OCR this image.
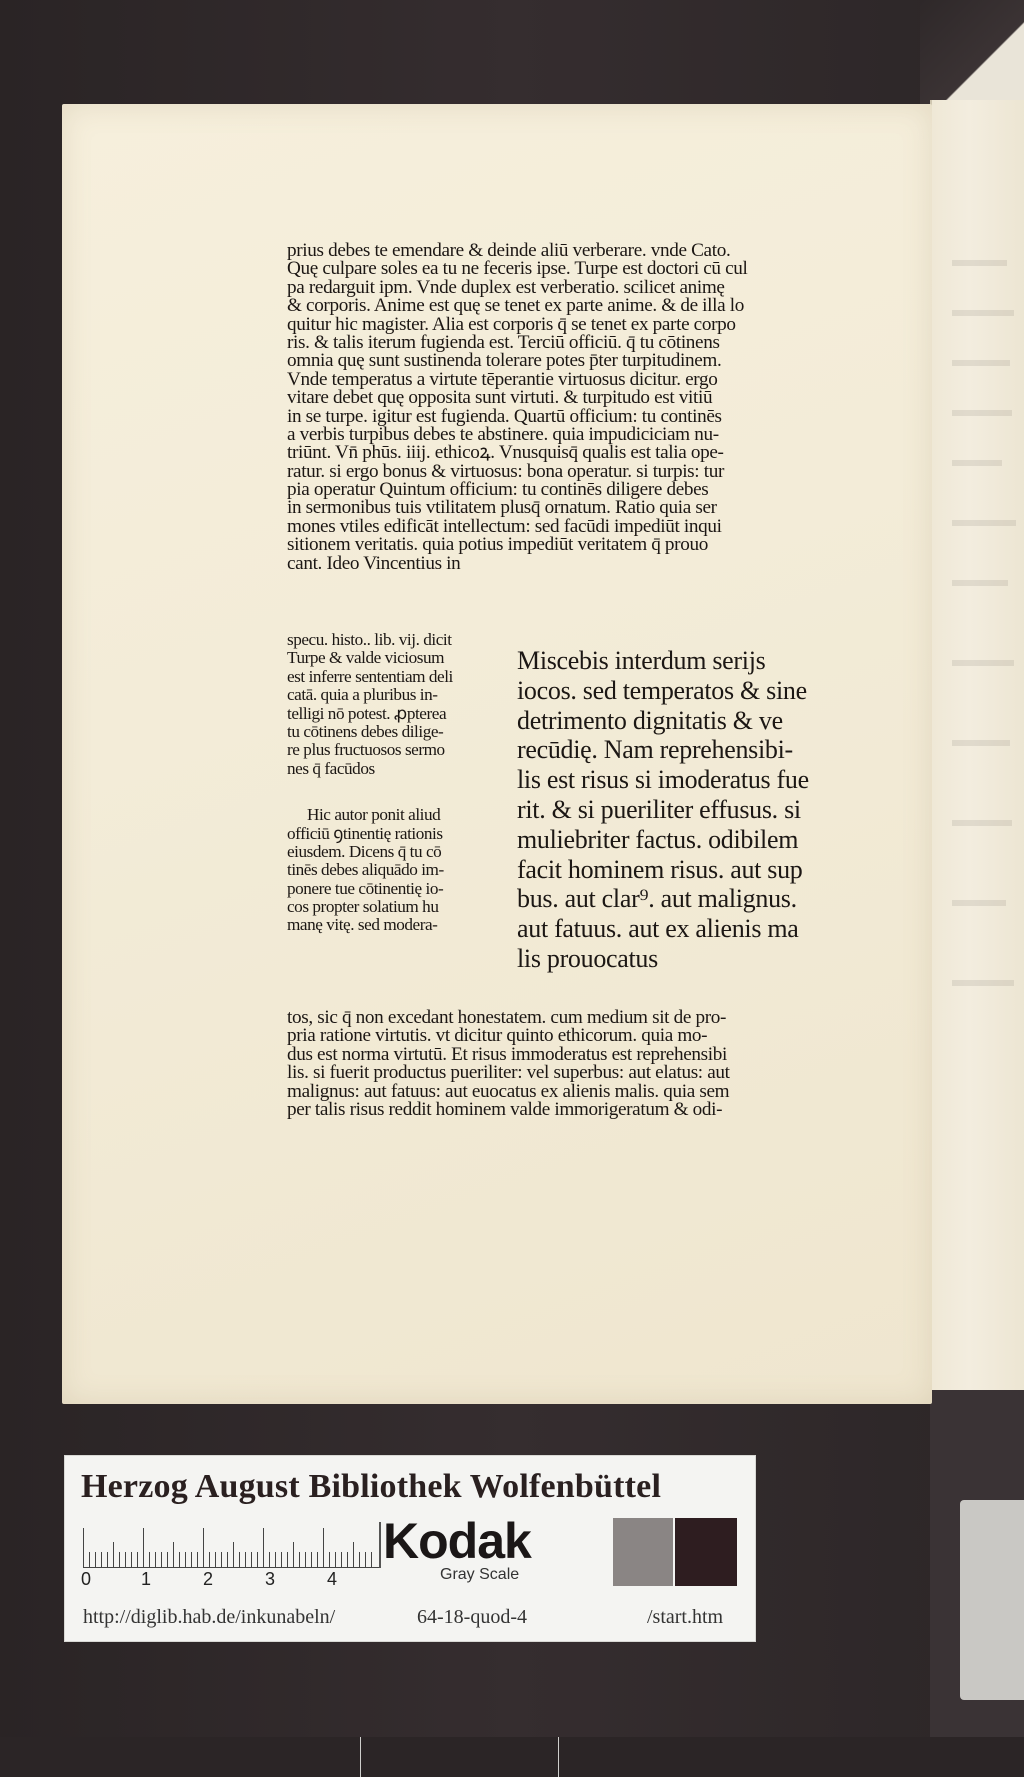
prius debes te emendare & deinde aliū verberare. vnde Cato.
Quę culpare soles ea tu ne feceris ipse. Turpe est doctori cū cul
pa redarguit ipm. Vnde duplex est verberatio. scilicet animę
& corporis. Anime est quę se tenet ex parte anime. & de illa lo
quitur hic magister. Alia est corporis q̄ se tenet ex parte corpo
ris. & talis iterum fugienda est. Terciū officiū. q̄ tu cōtinens
omnia quę sunt sustinenda tolerare potes p̄ter turpitudinem.
Vnde temperatus a virtute tēperantie virtuosus dicitur. ergo
vitare debet quę opposita sunt virtuti. & turpitudo est vitiū
in se turpe. igitur est fugienda. Quartū officium: tu continēs
a verbis turpibus debes te abstinere. quia impudiciciam nu-
triūnt. Vn̄ phūs. iiij. ethicoꝝ. Vnusquisq̄ qualis est talia ope-
ratur. si ergo bonus & virtuosus: bona operatur. si turpis: tur
pia operatur Quintum officium: tu continēs diligere debes
in sermonibus tuis vtilitatem plusq̄ ornatum. Ratio quia ser
mones vtiles edificāt intellectum: sed facūdi impediūt inqui
sitionem veritatis. quia potius impediūt veritatem q̄ prouo
cant. Ideo Vincentius in
specu. histo.. lib. vij. dicit
Turpe & valde viciosum
est inferre sententiam deli
catā. quia a pluribus in-
telligi nō potest. ꝓpterea
tu cōtinens debes dilige-
re plus fructuosos sermo
nes q̄ facūdos
Hic autor ponit aliud
officiū ꝯtinentię rationis
eiusdem. Dicens q̄ tu cō
tinēs debes aliquādo im-
ponere tue cōtinentię io-
cos propter solatium hu
manę vitę. sed modera-
Miscebis interdum serijs
iocos. sed temperatos & sine
detrimento dignitatis & ve
recūdię. Nam reprehensibi-
lis est risus si imoderatus fue
rit. & si pueriliter effusus. si
muliebriter factus. odibilem
facit hominem risus. aut sup
bus. aut clar⁹. aut malignus.
aut fatuus. aut ex alienis ma
lis prouocatus
tos, sic q̄ non excedant honestatem. cum medium sit de pro-
pria ratione virtutis. vt dicitur quinto ethicorum. quia mo-
dus est norma virtutū. Et risus immoderatus est reprehensibi
lis. si fuerit productus pueriliter: vel superbus: aut elatus: aut
malignus: aut fatuus: aut euocatus ex alienis malis. quia sem
per talis risus reddit hominem valde immorigeratum & odi-
Herzog August Bibliothek Wolfenbüttel
Kodak
Gray Scale
0	1	2	3	4
http://diglib.hab.de/inkunabeln/	64-18-quod-4	/start.htm
